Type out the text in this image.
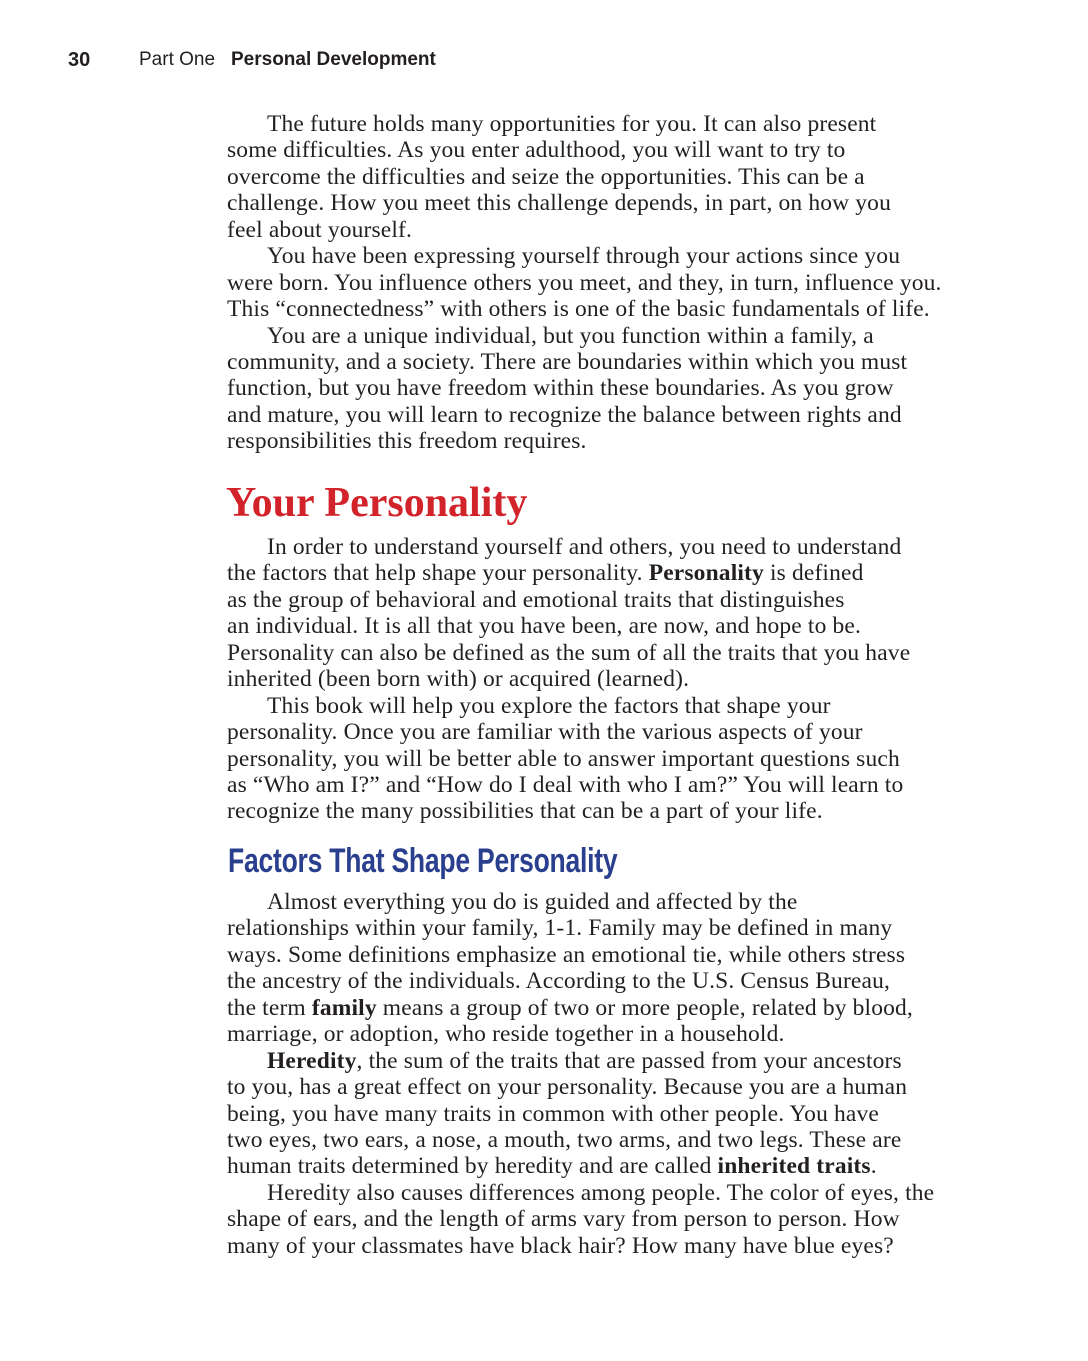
30	Part One Personal Development
The future holds many opportunities for you. It can also present
some difficulties. As you enter adulthood, you will want to try to
overcome the difficulties and seize the opportunities. This can be a
challenge. How you meet this challenge depends, in part, on how you
feel about yourself.
You have been expressing yourself through your actions since you
were born. You influence others you meet, and they, in turn, influence you.
This “connectedness” with others is one of the basic fundamentals of life.
You are a unique individual, but you function within a family, a
community, and a society. There are boundaries within which you must
function, but you have freedom within these boundaries. As you grow
and mature, you will learn to recognize the balance between rights and
responsibilities this freedom requires.
Your Personality
In order to understand yourself and others, you need to understand
the factors that help shape your personality. Personality is defined
as the group of behavioral and emotional traits that distinguishes
an individual. It is all that you have been, are now, and hope to be.
Personality can also be defined as the sum of all the traits that you have
inherited (been born with) or acquired (learned).
This book will help you explore the factors that shape your
personality. Once you are familiar with the various aspects of your
personality, you will be better able to answer important questions such
as “Who am I?” and “How do I deal with who I am?” You will learn to
recognize the many possibilities that can be a part of your life.
Factors That Shape Personality
Almost everything you do is guided and affected by the
relationships within your family, 1-1. Family may be defined in many
ways. Some definitions emphasize an emotional tie, while others stress
the ancestry of the individuals. According to the U.S. Census Bureau,
the term family means a group of two or more people, related by blood,
marriage, or adoption, who reside together in a household.
Heredity, the sum of the traits that are passed from your ancestors
to you, has a great effect on your personality. Because you are a human
being, you have many traits in common with other people. You have
two eyes, two ears, a nose, a mouth, two arms, and two legs. These are
human traits determined by heredity and are called inherited traits.
Heredity also causes differences among people. The color of eyes, the
shape of ears, and the length of arms vary from person to person. How
many of your classmates have black hair? How many have blue eyes?
